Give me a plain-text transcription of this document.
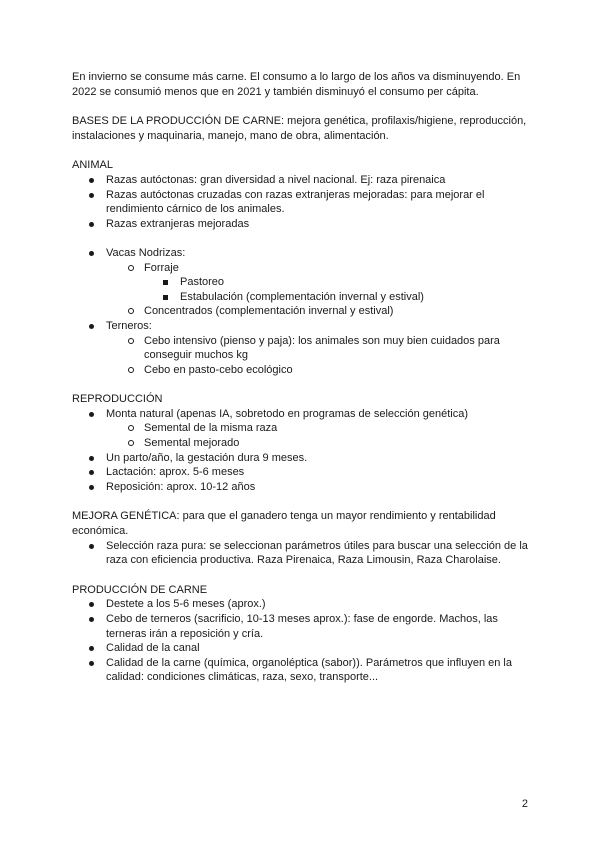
En invierno se consume más carne. El consumo a lo largo de los años va disminuyendo. En 2022 se consumió menos que en 2021 y también disminuyó el consumo per cápita.

BASES DE LA PRODUCCIÓN DE CARNE: mejora genética, profilaxis/higiene, reproducción, instalaciones y maquinaria, manejo, mano de obra, alimentación.

ANIMAL

Razas autóctonas: gran diversidad a nivel nacional. Ej: raza pirenaica
Razas autóctonas cruzadas con razas extranjeras mejoradas: para mejorar el rendimiento cárnico de los animales.
Razas extranjeras mejoradas
Vacas Nodrizas:
Forraje
Pastoreo
Estabulación (complementación invernal y estival)
Concentrados (complementación invernal y estival)
Terneros:
Cebo intensivo (pienso y paja): los animales son muy bien cuidados para conseguir muchos kg
Cebo en pasto-cebo ecológico

REPRODUCCIÓN

Monta natural (apenas IA, sobretodo en programas de selección genética)
Semental de la misma raza
Semental mejorado
Un parto/año, la gestación dura 9 meses.
Lactación: aprox. 5-6 meses
Reposición: aprox. 10-12 años

MEJORA GENÉTICA: para que el ganadero tenga un mayor rendimiento y rentabilidad económica.

Selección raza pura: se seleccionan parámetros útiles para buscar una selección de la raza con eficiencia productiva. Raza Pirenaica, Raza Limousin, Raza Charolaise.

PRODUCCIÓN DE CARNE

Destete a los 5-6 meses (aprox.)
Cebo de terneros (sacrificio, 10-13 meses aprox.): fase de engorde. Machos, las terneras irán a reposición y cría.
Calidad de la canal
Calidad de la carne (química, organoléptica (sabor)). Parámetros que influyen en la calidad: condiciones climáticas, raza, sexo, transporte...
2
